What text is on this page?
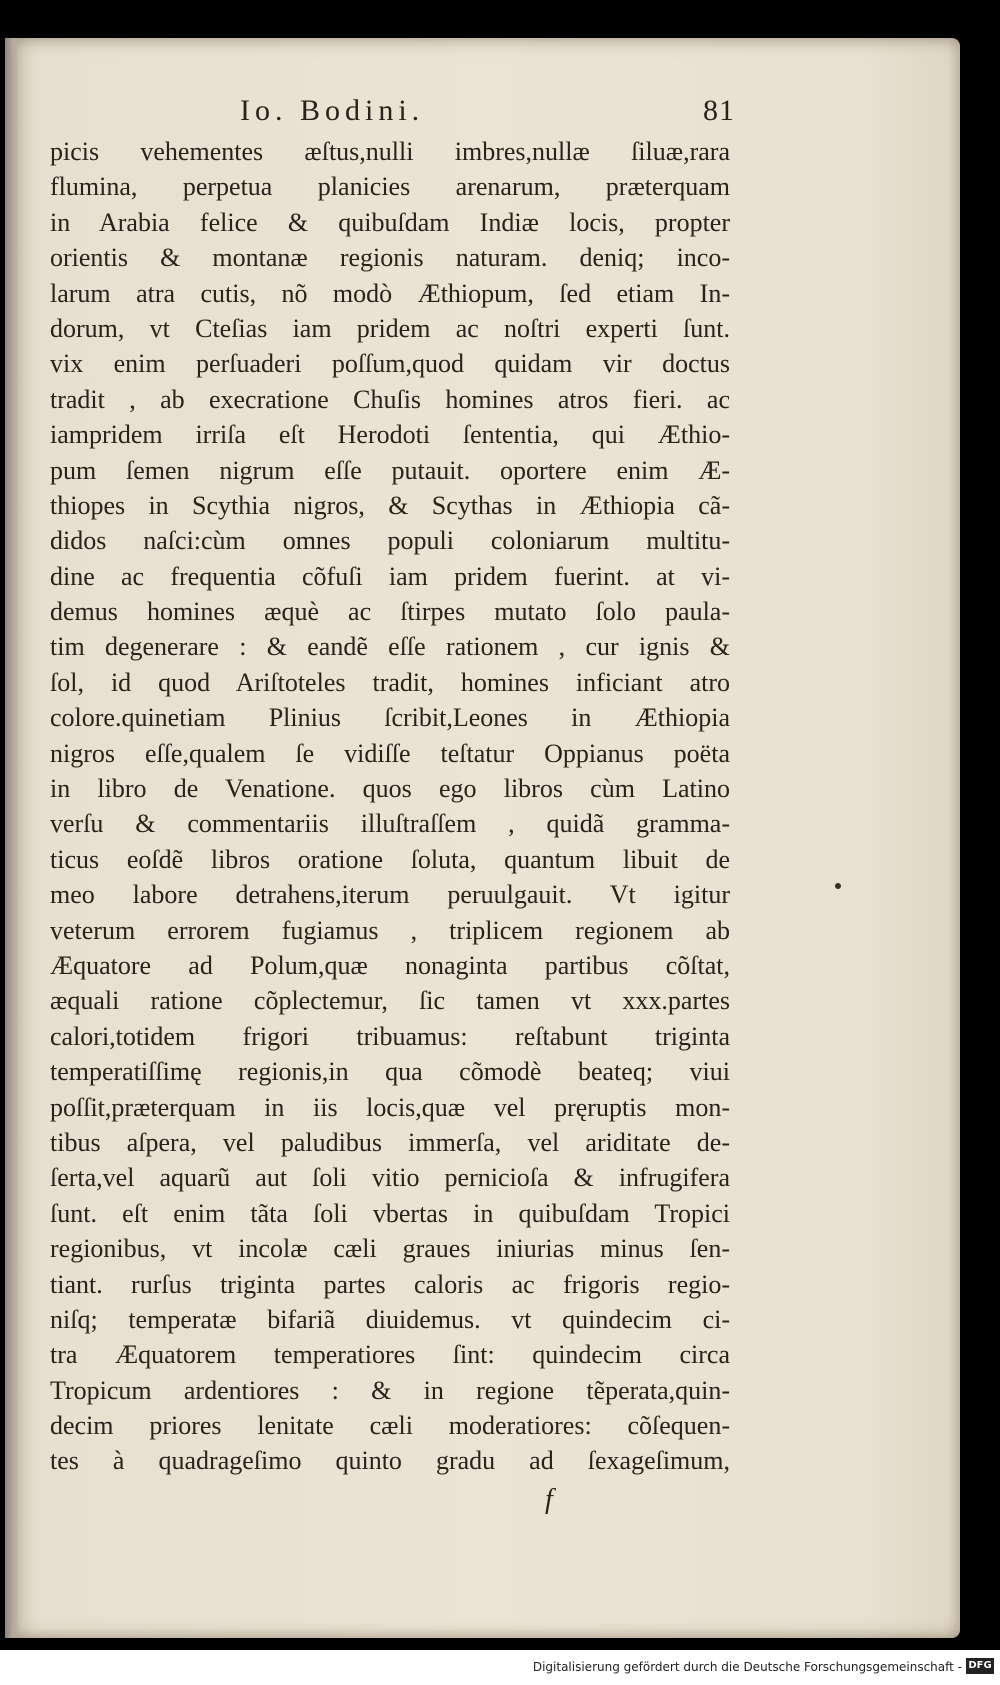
Io. Bodini.	81
picis vehementes æſtus,nulli imbres,nullæ ſiluæ,rara
flumina, perpetua planicies arenarum, præterquam
in Arabia felice & quibuſdam Indiæ locis, propter
orientis & montanæ regionis naturam. deniq; inco-
larum atra cutis, nõ modò Æthiopum, ſed etiam In-
dorum, vt Cteſias iam pridem ac noſtri experti ſunt.
vix enim perſuaderi poſſum,quod quidam vir doctus
tradit , ab execratione Chuſis homines atros fieri. ac
iampridem irriſa eſt Herodoti ſententia, qui Æthio-
pum ſemen nigrum eſſe putauit. oportere enim Æ-
thiopes in Scythia nigros, & Scythas in Æthiopia cã-
didos naſci:cùm omnes populi coloniarum multitu-
dine ac frequentia cõfuſi iam pridem fuerint. at vi-
demus homines æquè ac ſtirpes mutato ſolo paula-
tim degenerare : & eandẽ eſſe rationem , cur ignis &
ſol, id quod Ariſtoteles tradit, homines inficiant atro
colore.quinetiam Plinius ſcribit,Leones in Æthiopia
nigros eſſe,qualem ſe vidiſſe teſtatur Oppianus poëta
in libro de Venatione. quos ego libros cùm Latino
verſu & commentariis illuſtraſſem , quidã gramma-
ticus eoſdẽ libros oratione ſoluta, quantum libuit de
meo labore detrahens,iterum peruulgauit. Vt igitur
veterum errorem fugiamus , triplicem regionem ab
Æquatore ad Polum,quæ nonaginta partibus cõſtat,
æquali ratione cõplectemur, ſic tamen vt xxx.partes
calori,totidem frigori tribuamus: reſtabunt triginta
temperatiſſimę regionis,in qua cõmodè beateq; viui
poſſit,præterquam in iis locis,quæ vel pręruptis mon-
tibus aſpera, vel paludibus immerſa, vel ariditate de-
ſerta,vel aquarũ aut ſoli vitio pernicioſa & infrugifera
ſunt. eſt enim tãta ſoli vbertas in quibuſdam Tropici
regionibus, vt incolæ cæli graues iniurias minus ſen-
tiant. rurſus triginta partes caloris ac frigoris regio-
niſq; temperatæ bifariã diuidemus. vt quindecim ci-
tra Æquatorem temperatiores ſint: quindecim circa
Tropicum ardentiores : & in regione tẽperata,quin-
decim priores lenitate cæli moderatiores: cõſequen-
tes à quadrageſimo quinto gradu ad ſexageſimum,
f
Digitalisierung gefördert durch die Deutsche Forschungsgemeinschaft - DFG
